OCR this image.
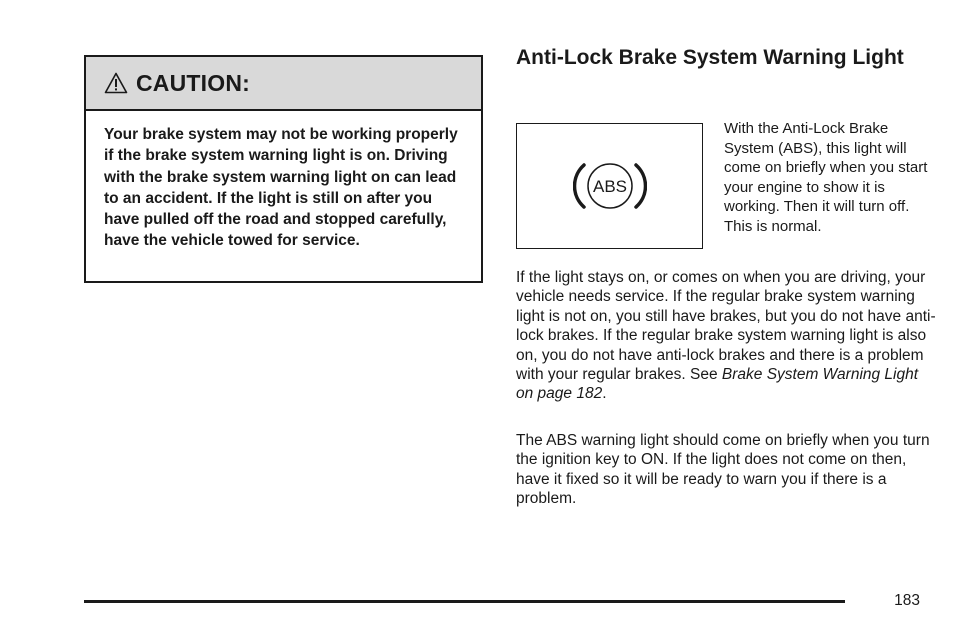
CAUTION:
Your brake system may not be working properly if the brake system warning light is on. Driving with the brake system warning light on can lead to an accident. If the light is still on after you have pulled off the road and stopped carefully, have the vehicle towed for service.
Anti-Lock Brake System Warning Light
ABS
With the Anti-Lock Brake System (ABS), this light will come on briefly when you start your engine to show it is working. Then it will turn off. This is normal.

If the light stays on, or comes on when you are driving, your vehicle needs service. If the regular brake system warning light is not on, you still have brakes, but you do not have anti-lock brakes. If the regular brake system warning light is also on, you do not have anti-lock brakes and there is a problem with your regular brakes. See Brake System Warning Light on page 182.

The ABS warning light should come on briefly when you turn the ignition key to ON. If the light does not come on then, have it fixed so it will be ready to warn you if there is a problem.

183
